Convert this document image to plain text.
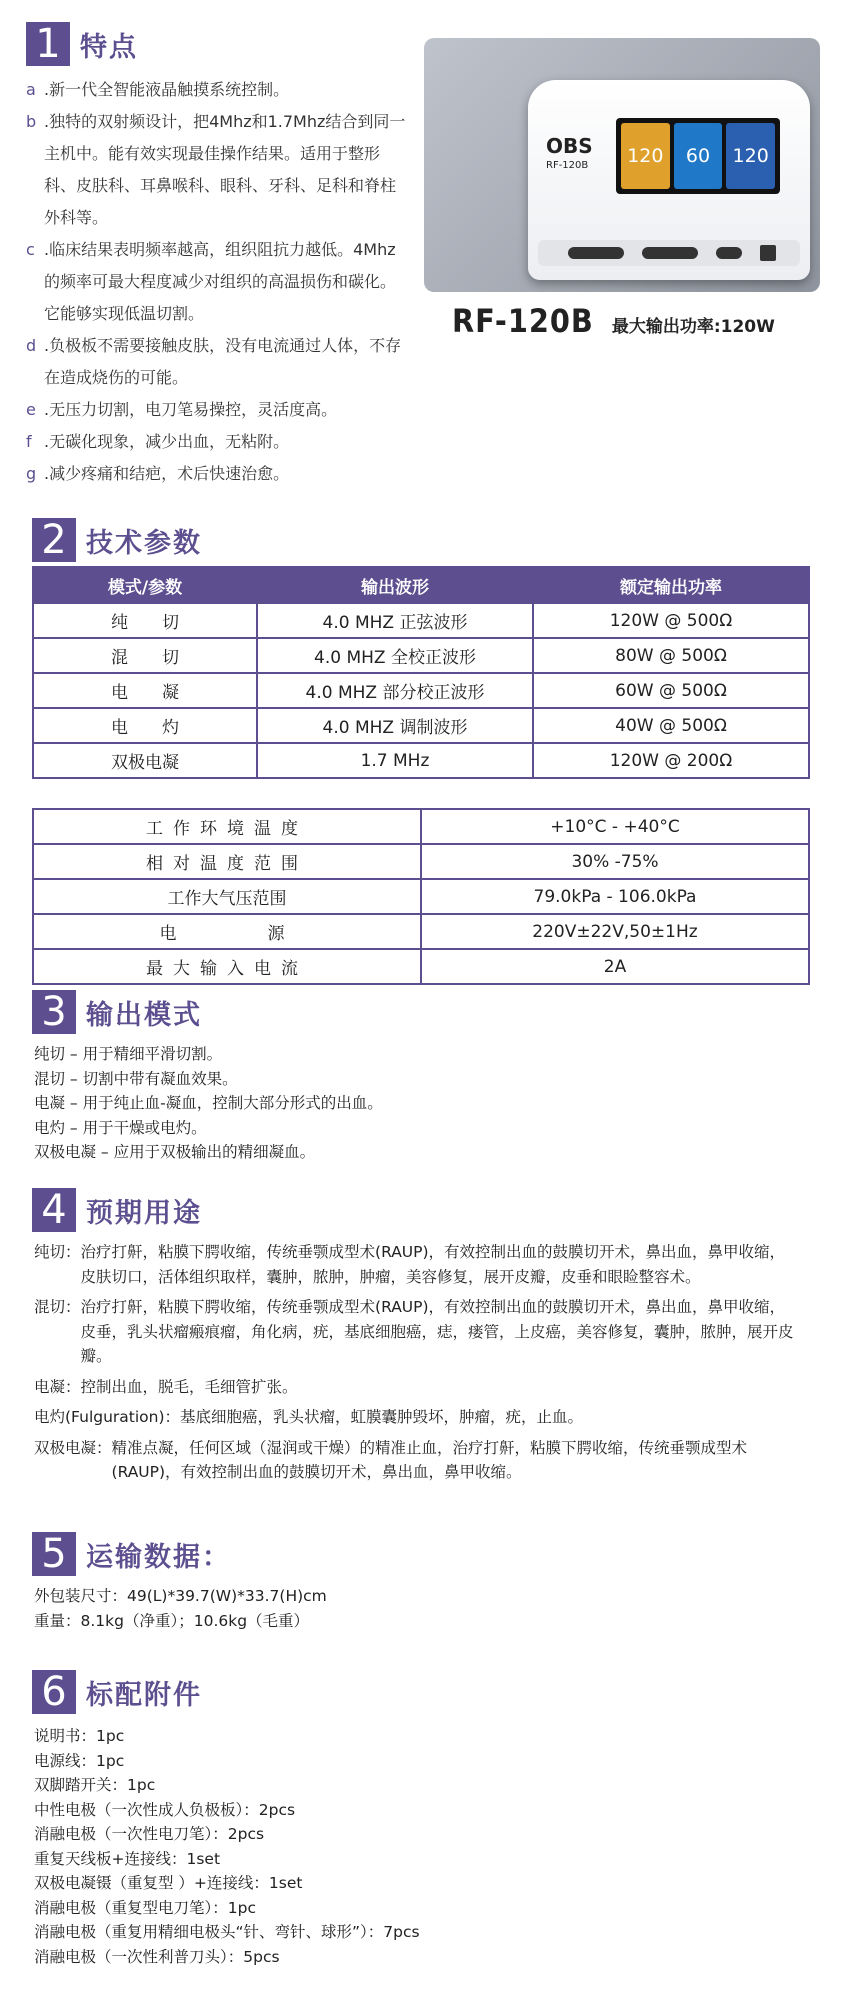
1 特点
a .新一代全智能液晶触摸系统控制。
b .独特的双射频设计，把4Mhz和1.7Mhz结合到同一主机中。能有效实现最佳操作结果。适用于整形科、皮肤科、耳鼻喉科、眼科、牙科、足科和脊柱外科等。
c .临床结果表明频率越高，组织阻抗力越低。4Mhz的频率可最大程度减少对组织的高温损伤和碳化。它能够实现低温切割。
d .负极板不需要接触皮肤，没有电流通过人体，不存在造成烧伤的可能。
e .无压力切割，电刀笔易操控，灵活度高。
f .无碳化现象，减少出血，无粘附。
g .减少疼痛和结疤，术后快速治愈。
OBS
RF-120B	120	60	120
RF-120B 最大输出功率:120W
2 技术参数
模式/参数	输出波形	额定输出功率
纯　　切	4.0 MHZ 正弦波形	120W @ 500Ω
混　　切	4.0 MHZ 全校正波形	80W @ 500Ω
电　　凝	4.0 MHZ 部分校正波形	60W @ 500Ω
电　　灼	4.0 MHZ 调制波形	40W @ 500Ω
双极电凝	1.7 MHz	120W @ 200Ω
工作环境温度	+10°C - +40°C
相对温度范围	30% -75%
工作大气压范围	79.0kPa - 106.0kPa
电　　　源	220V±22V,50±1Hz
最大输入电流	2A
3 输出模式
纯切 – 用于精细平滑切割。
混切 – 切割中带有凝血效果。
电凝 – 用于纯止血-凝血，控制大部分形式的出血。
电灼 – 用于干燥或电灼。
双极电凝 – 应用于双极输出的精细凝血。
4 预期用途
纯切： 治疗打鼾，粘膜下腭收缩，传统垂颚成型术(RAUP)，有效控制出血的鼓膜切开术，鼻出血，鼻甲收缩，皮肤切口，活体组织取样，囊肿，脓肿，肿瘤，美容修复，展开皮瓣，皮垂和眼睑整容术。
混切： 治疗打鼾，粘膜下腭收缩，传统垂颚成型术(RAUP)，有效控制出血的鼓膜切开术，鼻出血，鼻甲收缩，皮垂，乳头状瘤瘢痕瘤，角化病，疣，基底细胞癌，痣，瘘管，上皮癌，美容修复，囊肿，脓肿，展开皮瓣。
电凝： 控制出血，脱毛，毛细管扩张。
电灼(Fulguration)： 基底细胞癌，乳头状瘤，虹膜囊肿毁坏，肿瘤，疣，止血。
双极电凝： 精准点凝，任何区域（湿润或干燥）的精准止血，治疗打鼾，粘膜下腭收缩，传统垂颚成型术(RAUP)，有效控制出血的鼓膜切开术，鼻出血，鼻甲收缩。
5 运输数据：
外包装尺寸：49(L)*39.7(W)*33.7(H)cm
重量：8.1kg（净重）；10.6kg（毛重）
6 标配附件
说明书：1pc
电源线：1pc
双脚踏开关：1pc
中性电极（一次性成人负极板）：2pcs
消融电极（一次性电刀笔）：2pcs
重复天线板+连接线：1set
双极电凝镊（重复型 ）+连接线：1set
消融电极（重复型电刀笔）：1pc
消融电极（重复用精细电极头“针、弯针、球形”）：7pcs
消融电极（一次性利普刀头）：5pcs
